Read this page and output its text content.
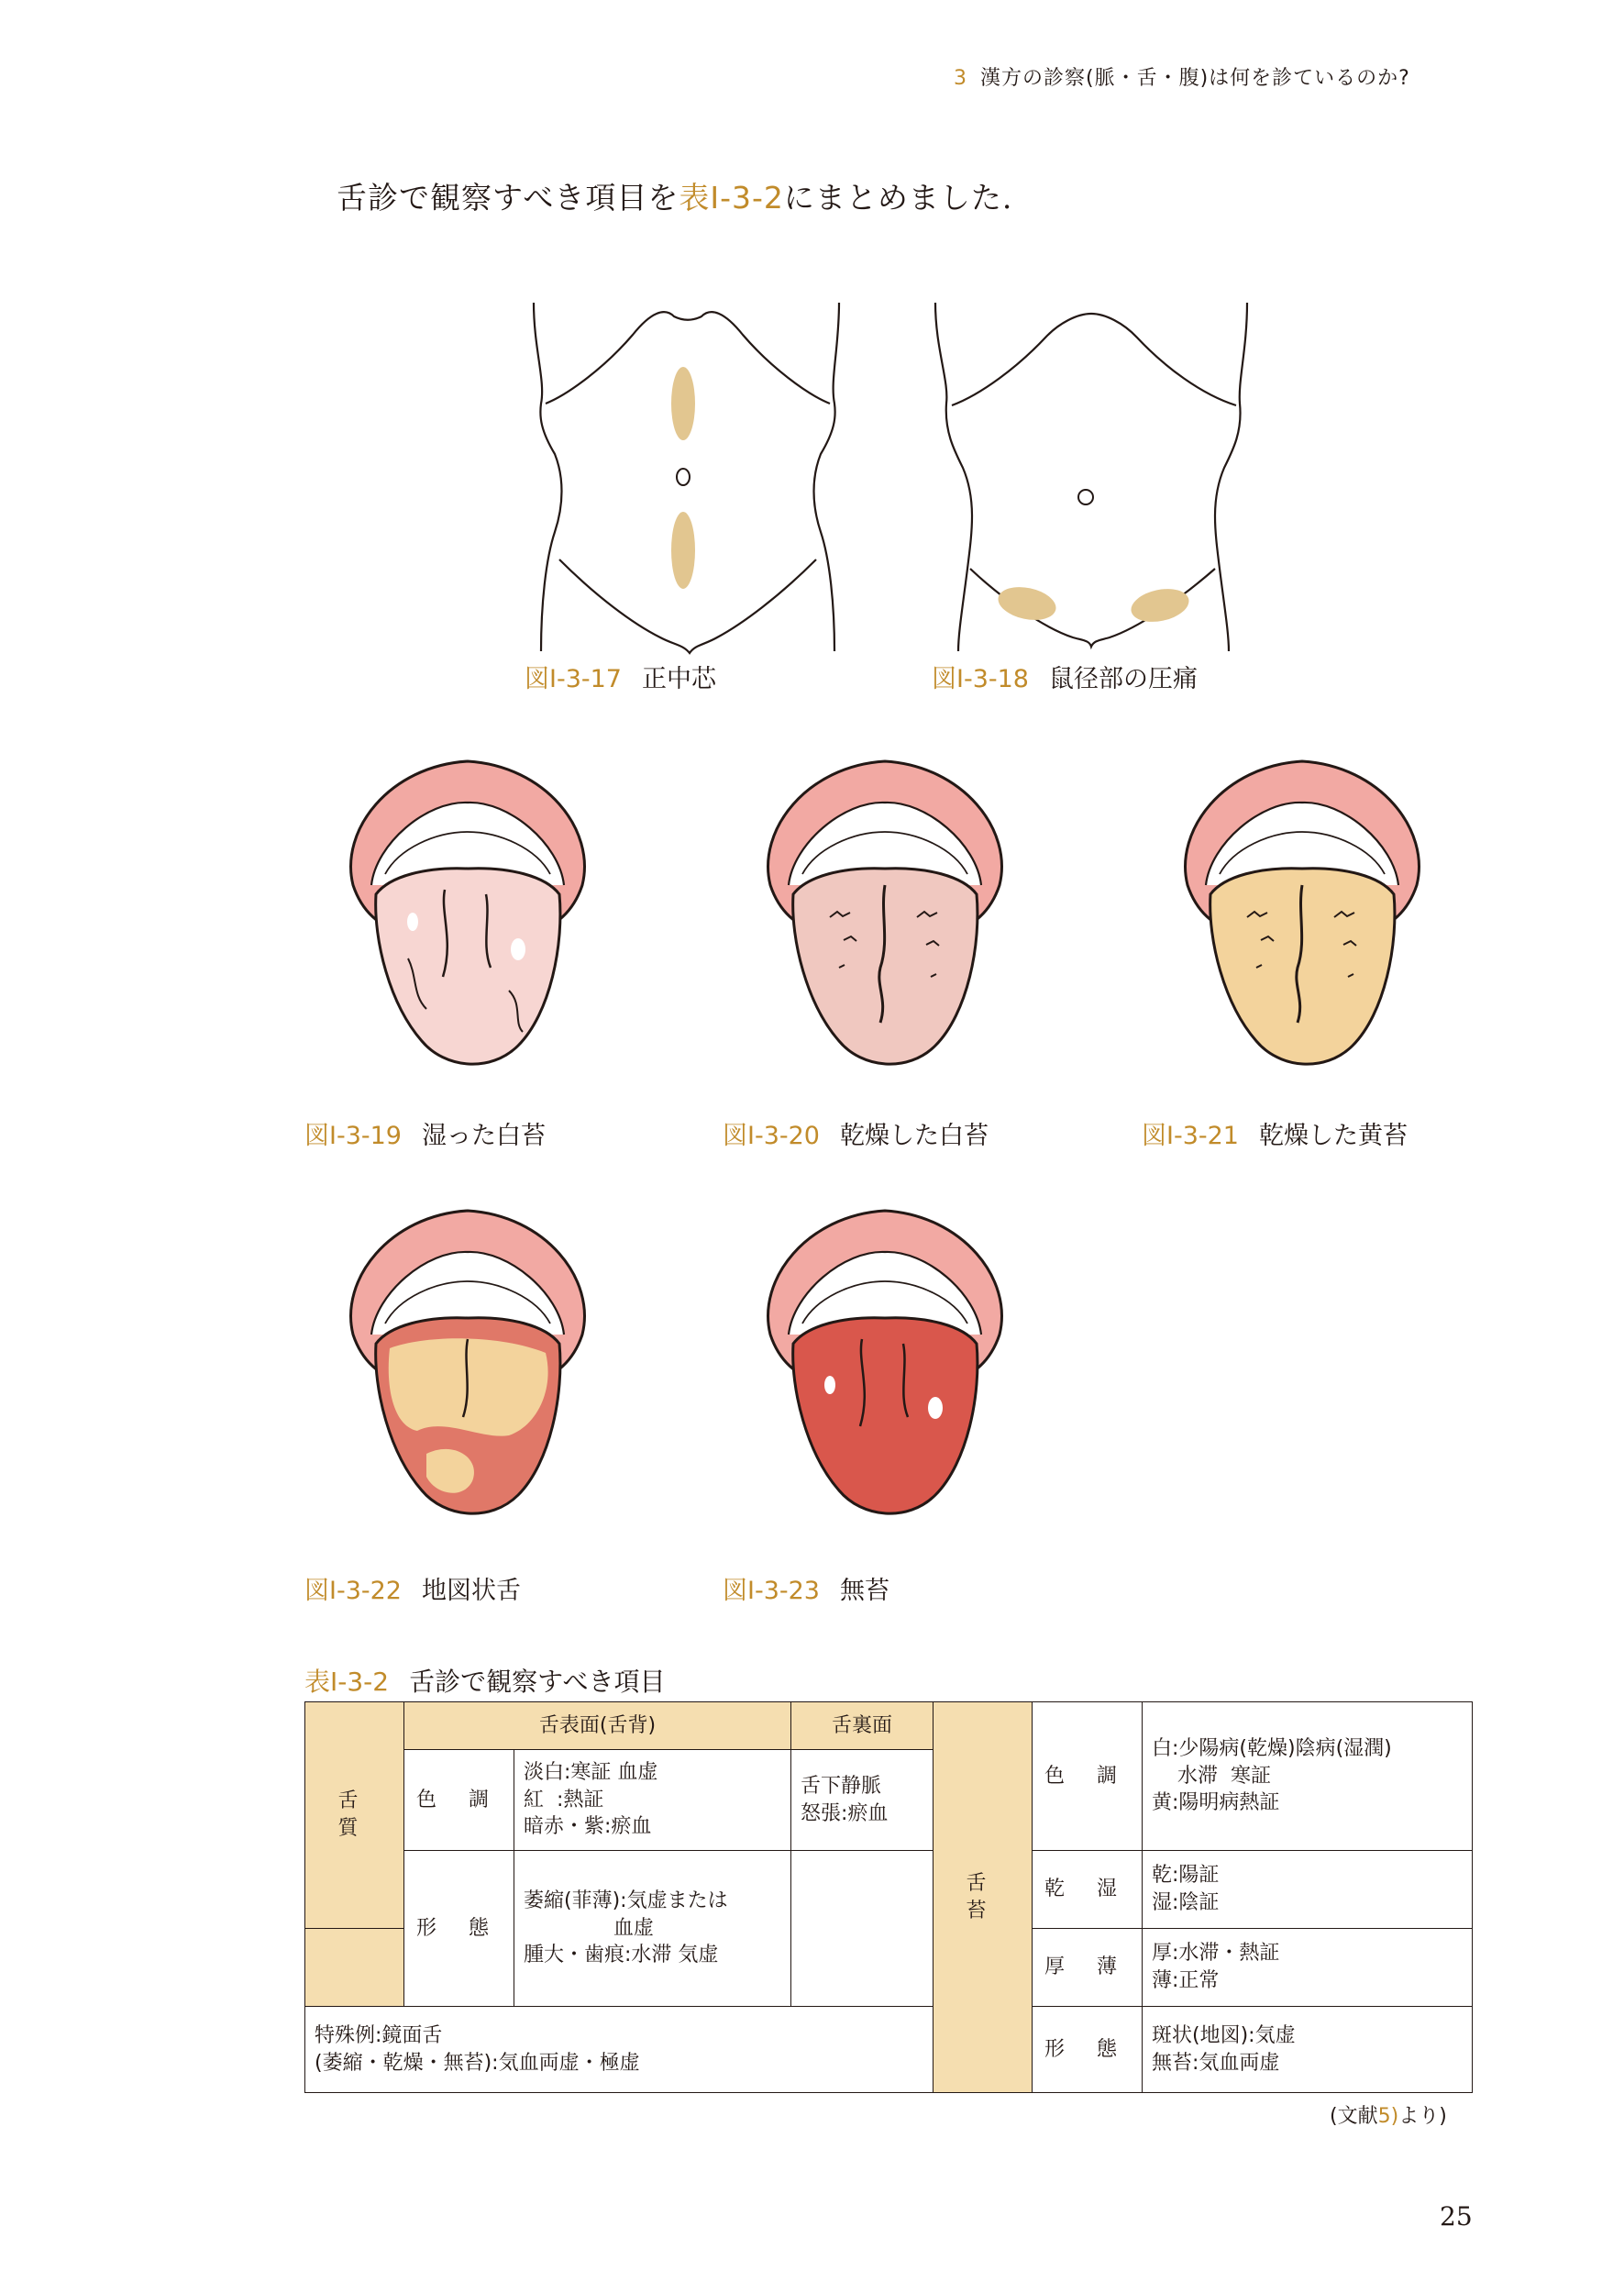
3 漢方の診察(脈・舌・腹)は何を診ているのか?
舌診で観察すべき項目を表Ⅰ-3-2にまとめました.
図Ⅰ-3-17 正中芯	図Ⅰ-3-18 鼠径部の圧痛
図Ⅰ-3-19 湿った白苔	図Ⅰ-3-20 乾燥した白苔	図Ⅰ-3-21 乾燥した黄苔
図Ⅰ-3-22 地図状舌	図Ⅰ-3-23 無苔
表Ⅰ-3-2 舌診で観察すべき項目
舌 質	舌表面(舌背)		舌裏面	舌 苔	色 調	白:少陽病(乾燥)陰病(湿潤)
水滞  寒証
黄:陽明病熱証
	色 調	淡白:寒証 血虚
紅  :熱証
暗赤・紫:瘀血	舌下静脈
怒張:瘀血			
	形 態	萎縮(菲薄):気虚または
血虚
腫大・歯痕:水滞 気虚			乾 湿	乾:陽証
湿:陰証
					厚 薄	厚:水滞・熱証
薄:正常
特殊例:鏡面舌
(萎縮・乾燥・無苔):気血両虚・極虚					形 態	斑状(地図):気虚
無苔:気血両虚
(文献5)より)
25
